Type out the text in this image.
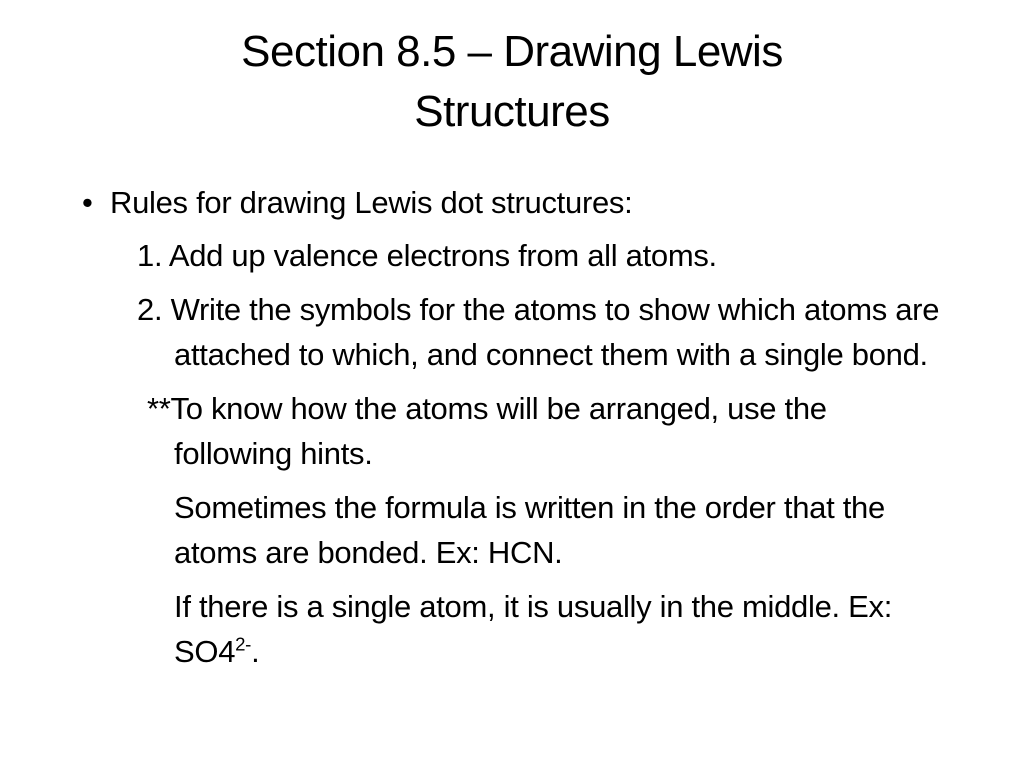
Section 8.5 – Drawing Lewis
Structures
• Rules for drawing Lewis dot structures:
1. Add up valence electrons from all atoms.
2. Write the symbols for the atoms to show which atoms are attached to which, and connect them with a single bond.
**To know how the atoms will be arranged, use the following hints.
Sometimes the formula is written in the order that the atoms are bonded. Ex: HCN.
If there is a single atom, it is usually in the middle. Ex: $SO4^{2-}$.
